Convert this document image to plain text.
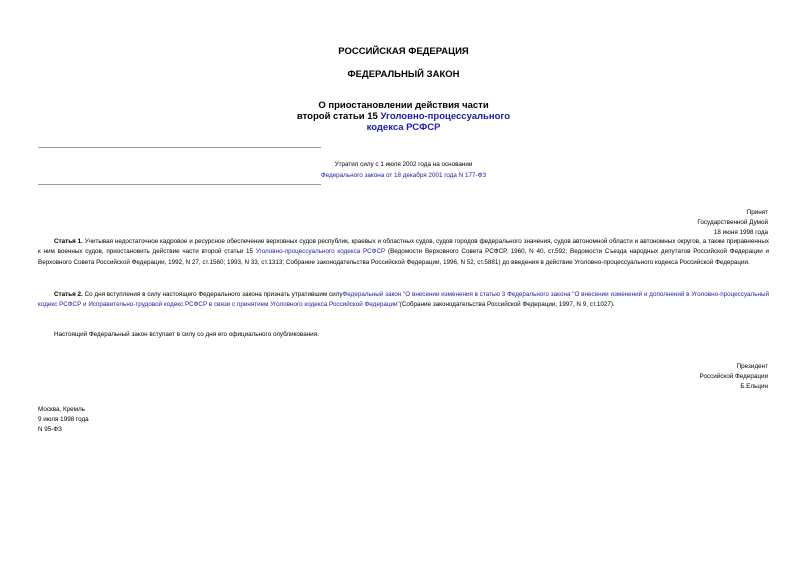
РОССИЙСКАЯ ФЕДЕРАЦИЯ
ФЕДЕРАЛЬНЫЙ ЗАКОН
О приостановлении действия части
второй статьи 15 Уголовно-процессуального
кодекса РСФСР
Утратил силу с 1 июля 2002 года на основании
Федерального закона от 18 декабря 2001 года N 177-ФЗ
Принят
Государственной Думой
18 июня 1998 года
Статья 1. Учитывая недостаточное кадровое и ресурсное обеспечение верховных судов республик, краевых и областных судов, судов городов федерального значения, судов автономной области и автономных округов, а также приравненных к ним военных судов, приостановить действие части второй статьи 15 Уголовно-процессуального кодекса РСФСР (Ведомости Верховного Совета РСФСР, 1960, N 40, ст.592; Ведомости Съезда народных депутатов Российской Федерации и Верховного Совета Российской Федерации, 1992, N 27, ст.1560; 1993, N 33, ст.1313; Собрание законодательства Российской Федерации, 1996, N 52, ст.5881) до введения в действие Уголовно-процессуального кодекса Российской Федерации.
Статья 2. Со дня вступления в силу настоящего Федерального закона признать утратившим силуФедеральный закон "О внесении изменения в статью 3 Федерального закона "О внесении изменений и дополнений в Уголовно-процессуальный кодекс РСФСР и Исправительно-трудовой кодекс РСФСР в связи с принятием Уголовного кодекса Российской Федерации"(Собрание законодательства Российской Федерации, 1997, N 9, ст.1027).
Настоящий Федеральный закон вступает в силу со дня его официального опубликования.
Президент
Российской Федерации
Б.Ельцин
Москва, Кремль
9 июля 1998 года
N 95-ФЗ
